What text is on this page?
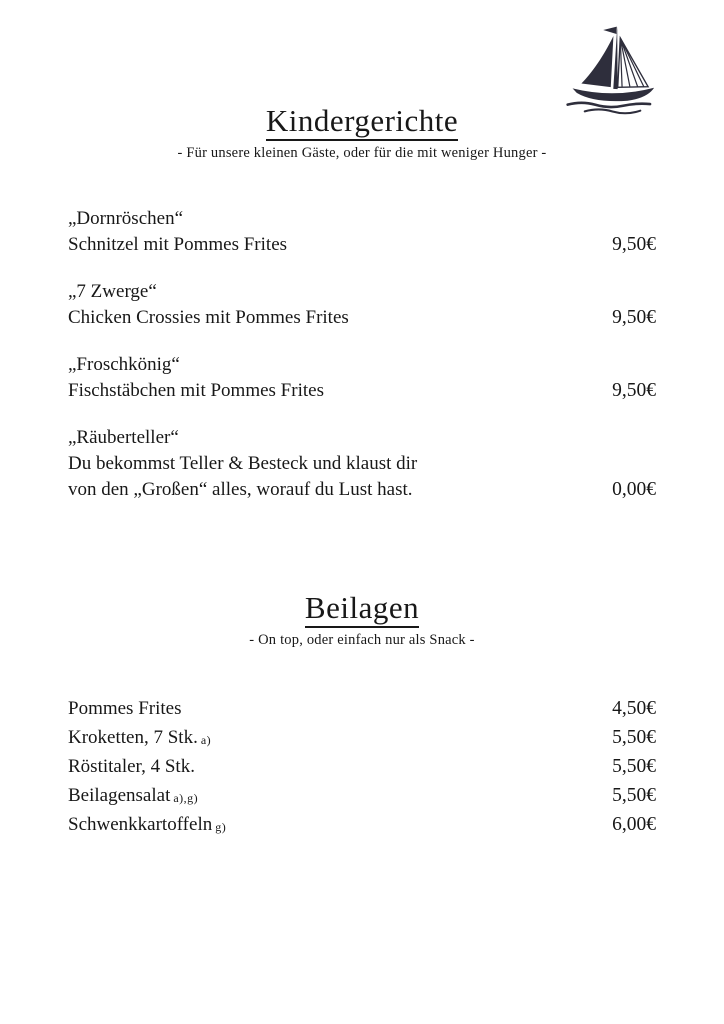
Kindergerichte
- Für unsere kleinen Gäste, oder für die mit weniger Hunger -
„Dornröschen“
Schnitzel mit Pommes Frites	9,50€
„7 Zwerge“
Chicken Crossies mit Pommes Frites	9,50€
„Froschkönig“
Fischstäbchen mit Pommes Frites	9,50€
„Räuberteller“
Du bekommst Teller & Besteck und klaust dir
von den „Großen“ alles, worauf du Lust hast.	0,00€
Beilagen
- On top, oder einfach nur als Snack -
Pommes Frites	4,50€
Kroketten, 7 Stk. a)	5,50€
Röstitaler, 4 Stk.	5,50€
Beilagensalat a),g)	5,50€
Schwenkkartoffeln g)	6,00€
